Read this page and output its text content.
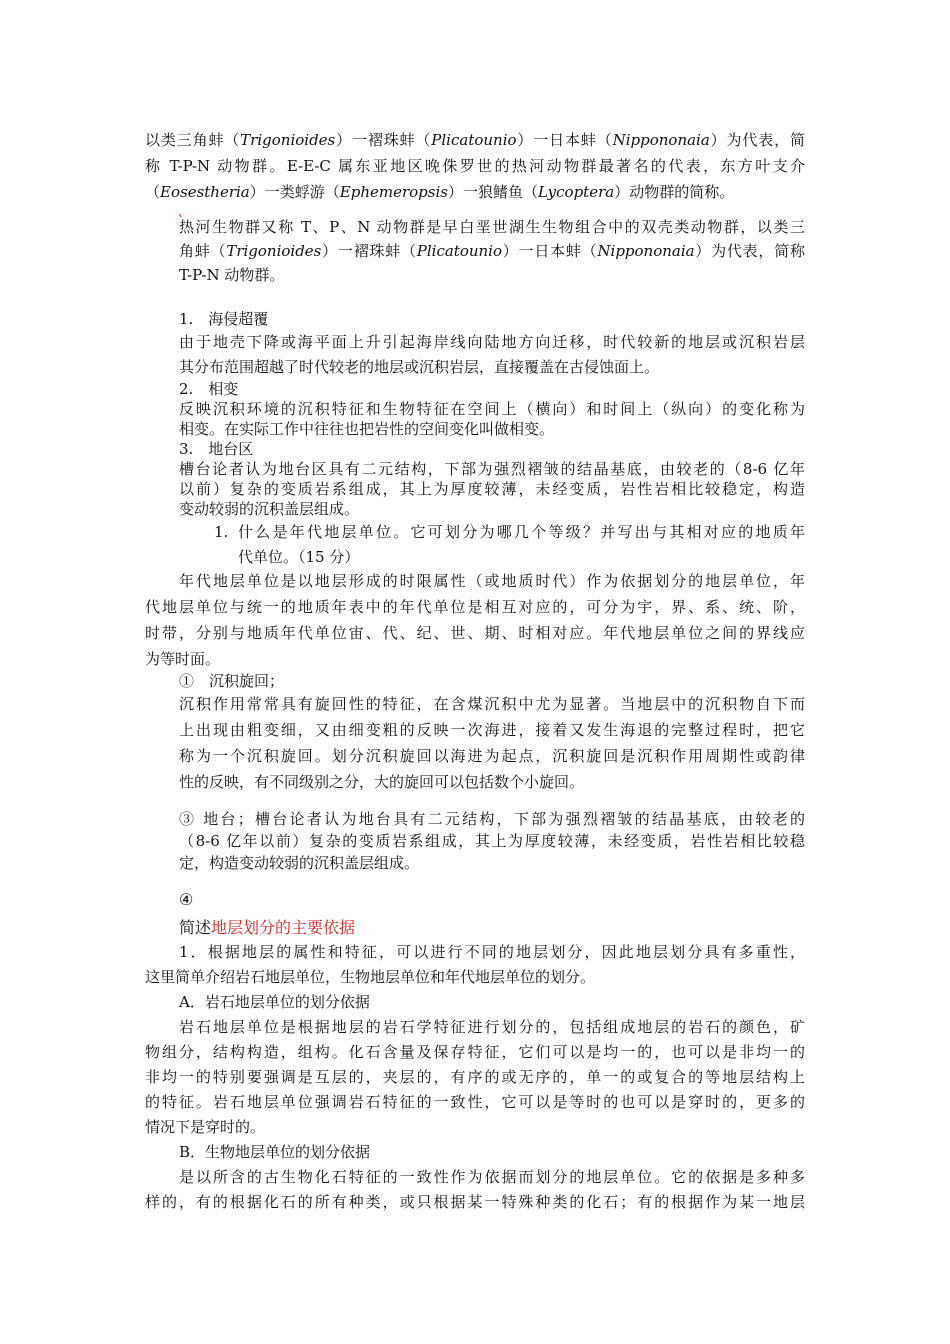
以类三角蚌（Trigonioides）一褶珠蚌（Plicatounio）一日本蚌（Nippononaia）为代表，简
称 T-P-N 动物群。E-E-C 属东亚地区晚侏罗世的热河动物群最著名的代表，东方叶支介
（Eosestheria）一类蜉游（Ephemeropsis）一狼鳍鱼（Lycoptera）动物群的简称。
、
热河生物群又称 T、P、N 动物群是早白垩世湖生生物组合中的双壳类动物群，以类三
角蚌（Trigonioides）一褶珠蚌（Plicatounio）一日本蚌（Nippononaia）为代表，简称
T-P-N 动物群。
1.　海侵超覆
由于地壳下降或海平面上升引起海岸线向陆地方向迁移，时代较新的地层或沉积岩层
其分布范围超越了时代较老的地层或沉积岩层，直接覆盖在古侵蚀面上。
2.　相变
反映沉积环境的沉积特征和生物特征在空间上（横向）和时间上（纵向）的变化称为
相变。在实际工作中往往也把岩性的空间变化叫做相变。
3.　地台区
槽台论者认为地台区具有二元结构，下部为强烈褶皱的结晶基底，由较老的（8-6 亿年
以前）复杂的变质岩系组成，其上为厚度较薄，未经变质，岩性岩相比较稳定，构造
变动较弱的沉积盖层组成。
1. 什么是年代地层单位。它可划分为哪几个等级？并写出与其相对应的地质年
代单位。（15 分）
年代地层单位是以地层形成的时限属性（或地质时代）作为依据划分的地层单位，年
代地层单位与统一的地质年表中的年代单位是相互对应的，可分为宇，界、系、统、阶，
时带，分别与地质年代单位宙、代、纪、世、期、时相对应。年代地层单位之间的界线应
为等时面。
①　沉积旋回；
沉积作用常常具有旋回性的特征，在含煤沉积中尤为显著。当地层中的沉积物自下而
上出现由粗变细，又由细变粗的反映一次海进，接着又发生海退的完整过程时，把它
称为一个沉积旋回。划分沉积旋回以海进为起点，沉积旋回是沉积作用周期性或韵律
性的反映，有不同级别之分，大的旋回可以包括数个小旋回。
③ 地台；槽台论者认为地台具有二元结构，下部为强烈褶皱的结晶基底，由较老的
（8-6 亿年以前）复杂的变质岩系组成，其上为厚度较薄，未经变质，岩性岩相比较稳
定，构造变动较弱的沉积盖层组成。
④
简述地层划分的主要依据
1．根据地层的属性和特征，可以进行不同的地层划分，因此地层划分具有多重性，
这里简单介绍岩石地层单位，生物地层单位和年代地层单位的划分。
A．岩石地层单位的划分依据
岩石地层单位是根据地层的岩石学特征进行划分的，包括组成地层的岩石的颜色，矿
物组分，结构构造，组构。化石含量及保存特征，它们可以是均一的，也可以是非均一的
非均一的特别要强调是互层的，夹层的，有序的或无序的，单一的或复合的等地层结构上
的特征。岩石地层单位强调岩石特征的一致性，它可以是等时的也可以是穿时的，更多的
情况下是穿时的。
B．生物地层单位的划分依据
是以所含的古生物化石特征的一致性作为依据而划分的地层单位。它的依据是多种多
样的，有的根据化石的所有种类，或只根据某一特殊种类的化石；有的根据作为某一地层
